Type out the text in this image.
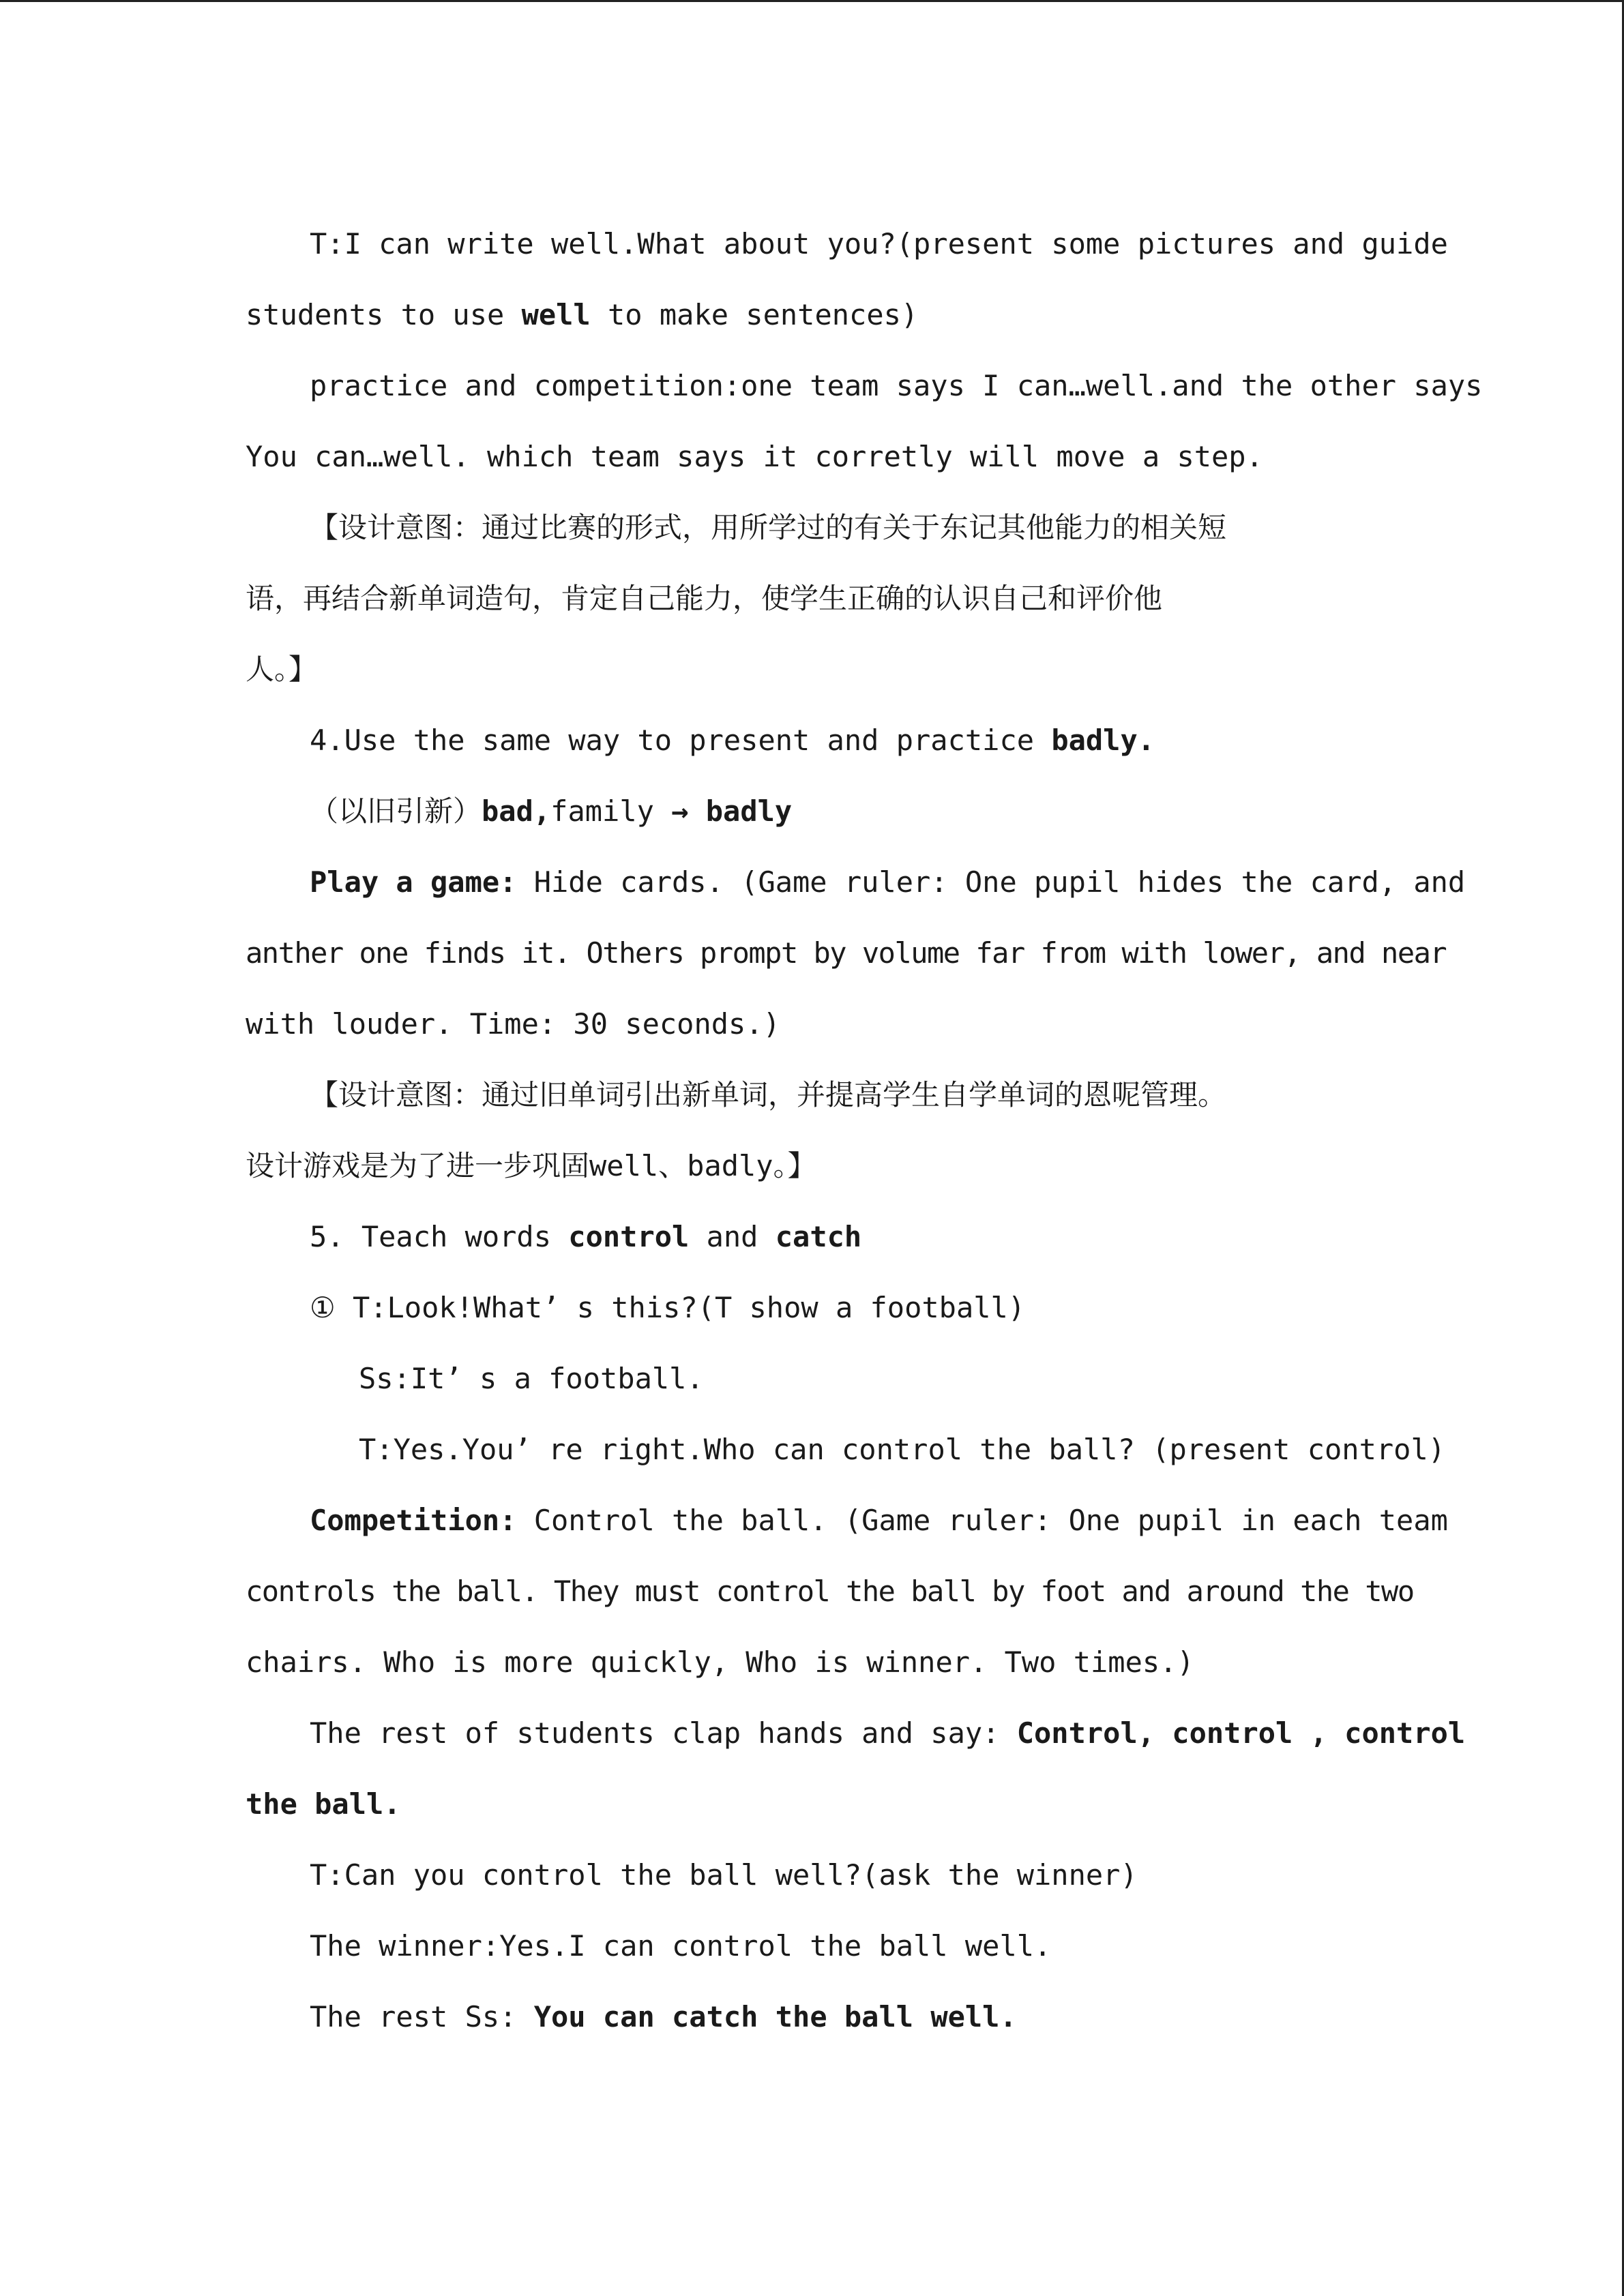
T:I can write well.What about you?(present some pictures and guide
students to use well to make sentences)
practice and competition:one team says I can…well.and the other says
You can…well. which team says it corretly will move a step.
【设计意图：通过比赛的形式，用所学过的有关于东记其他能力的相关短
语，再结合新单词造句，肯定自己能力，使学生正确的认识自己和评价他
人。】
4.Use the same way to present and practice badly.
（以旧引新）bad,family → badly
Play a game: Hide cards. (Game ruler: One pupil hides the card, and
anther one finds it. Others prompt by volume far from with lower, and near
with louder. Time: 30 seconds.)
【设计意图：通过旧单词引出新单词，并提高学生自学单词的恩呢管理。
设计游戏是为了进一步巩固well、badly。】
5. Teach words control and catch
① T:Look!What’ s this?(T show a football)
Ss:It’ s a football.
T:Yes.You’ re right.Who can control the ball? (present control)
Competition: Control the ball. (Game ruler: One pupil in each team
controls the ball. They must control the ball by foot and around the two
chairs. Who is more quickly, Who is winner. Two times.)
The rest of students clap hands and say: Control, control , control
the ball.
T:Can you control the ball well?(ask the winner)
The winner:Yes.I can control the ball well.
The rest Ss: You can catch the ball well.
